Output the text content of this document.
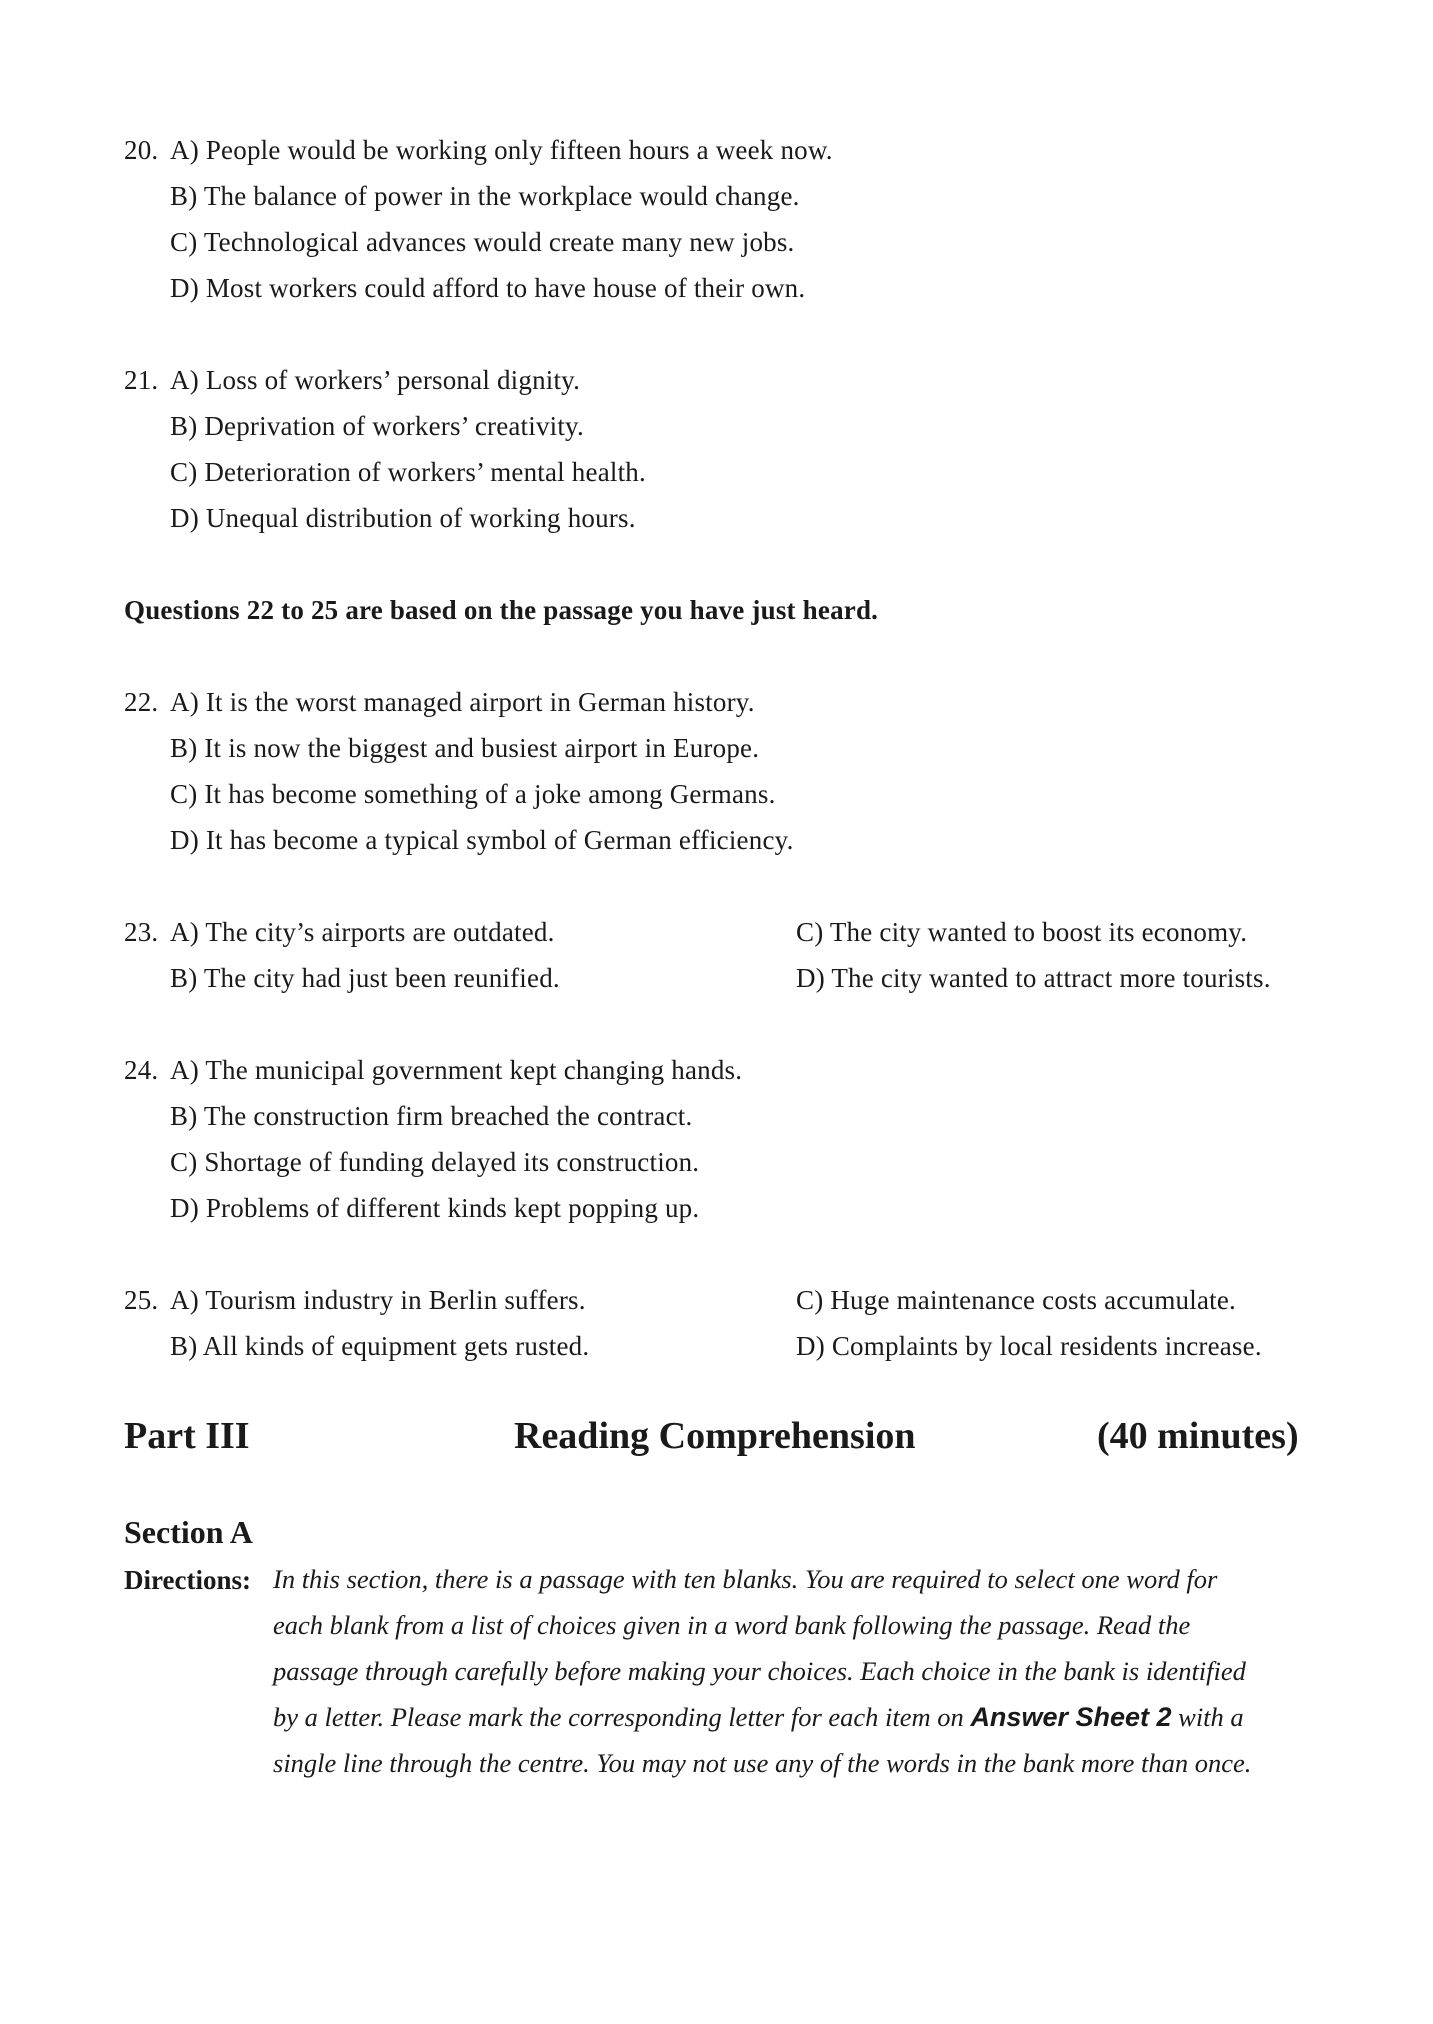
20. A) People would be working only fifteen hours a week now.
B) The balance of power in the workplace would change.
C) Technological advances would create many new jobs.
D) Most workers could afford to have house of their own.
21. A) Loss of workers’ personal dignity.
B) Deprivation of workers’ creativity.
C) Deterioration of workers’ mental health.
D) Unequal distribution of working hours.
Questions 22 to 25 are based on the passage you have just heard.
22. A) It is the worst managed airport in German history.
B) It is now the biggest and busiest airport in Europe.
C) It has become something of a joke among Germans.
D) It has become a typical symbol of German efficiency.
23. A) The city’s airports are outdated.
B) The city had just been reunified.
C) The city wanted to boost its economy.
D) The city wanted to attract more tourists.
24. A) The municipal government kept changing hands.
B) The construction firm breached the contract.
C) Shortage of funding delayed its construction.
D) Problems of different kinds kept popping up.
25. A) Tourism industry in Berlin suffers.
B) All kinds of equipment gets rusted.
C) Huge maintenance costs accumulate.
D) Complaints by local residents increase.
Part III	Reading Comprehension	(40 minutes)
Section A
Directions: In this section, there is a passage with ten blanks. You are required to select one word for
each blank from a list of choices given in a word bank following the passage. Read the
passage through carefully before making your choices. Each choice in the bank is identified
by a letter. Please mark the corresponding letter for each item on Answer Sheet 2 with a
single line through the centre. You may not use any of the words in the bank more than once.
